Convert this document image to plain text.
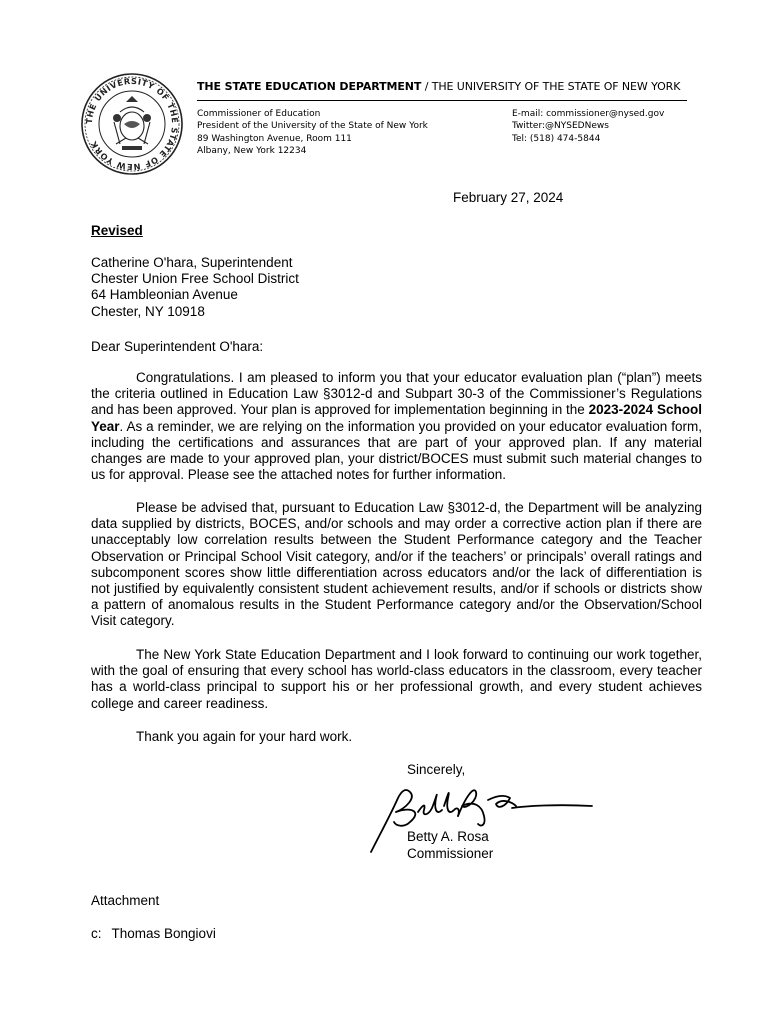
THE UNIVERSITY OF THE STATE OF NEW YORK
THE STATE EDUCATION DEPARTMENT / THE UNIVERSITY OF THE STATE OF NEW YORK
Commissioner of Education
President of the University of the State of New York
89 Washington Avenue, Room 111
Albany, New York 12234
E-mail: commissioner@nysed.gov
Twitter:@NYSEDNews
Tel: (518) 474-5844
February 27, 2024
Revised
Catherine O'hara, Superintendent
Chester Union Free School District
64 Hambleonian Avenue
Chester, NY 10918
Dear Superintendent O'hara:
Congratulations. I am pleased to inform you that your educator evaluation plan (“plan”) meets the criteria outlined in Education Law §3012-d and Subpart 30-3 of the Commissioner’s Regulations and has been approved. Your plan is approved for implementation beginning in the 2023-2024 School Year. As a reminder, we are relying on the information you provided on your educator evaluation form, including the certifications and assurances that are part of your approved plan. If any material changes are made to your approved plan, your district/BOCES must submit such material changes to us for approval. Please see the attached notes for further information.
Please be advised that, pursuant to Education Law §3012-d, the Department will be analyzing data supplied by districts, BOCES, and/or schools and may order a corrective action plan if there are unacceptably low correlation results between the Student Performance category and the Teacher Observation or Principal School Visit category, and/or if the teachers’ or principals’ overall ratings and subcomponent scores show little differentiation across educators and/or the lack of differentiation is not justified by equivalently consistent student achievement results, and/or if schools or districts show a pattern of anomalous results in the Student Performance category and/or the Observation/School Visit category.
The New York State Education Department and I look forward to continuing our work together, with the goal of ensuring that every school has world-class educators in the classroom, every teacher has a world-class principal to support his or her professional growth, and every student achieves college and career readiness.
Thank you again for your hard work.
Sincerely,
Betty A. Rosa
Commissioner
Attachment
c: Thomas Bongiovi
